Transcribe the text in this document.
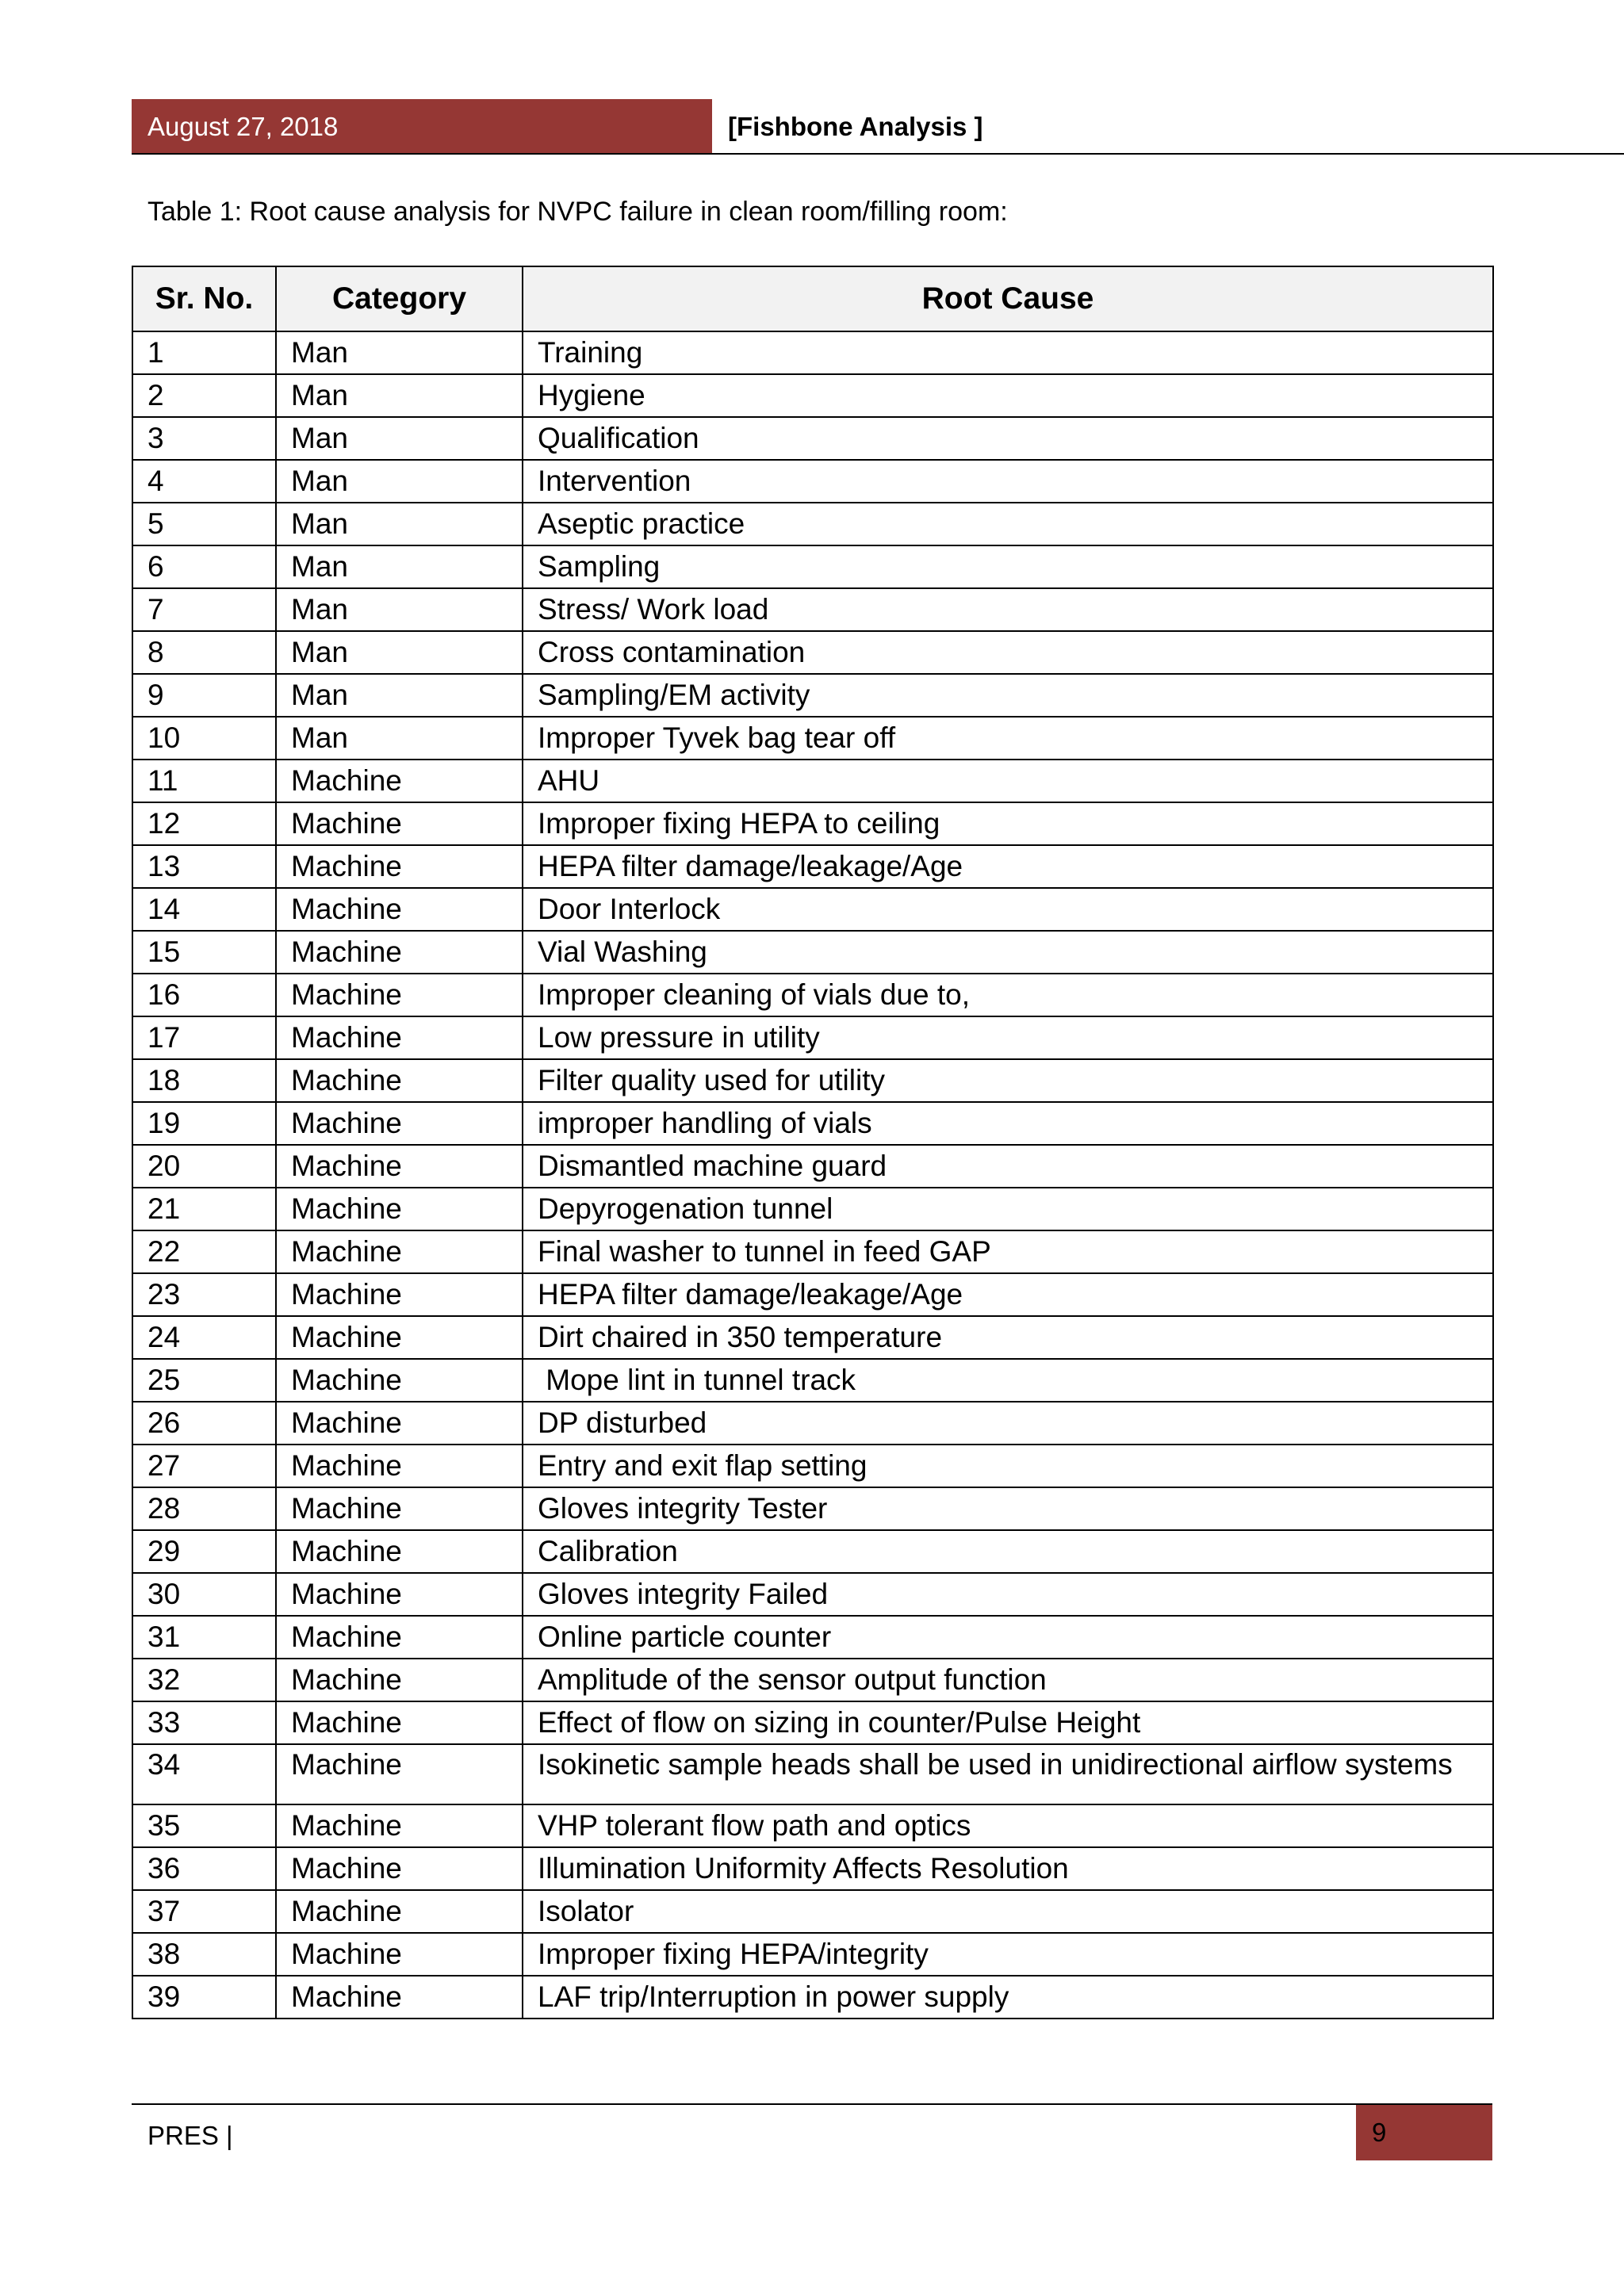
August 27, 2018	[Fishbone Analysis ]
Table 1: Root cause analysis for NVPC failure in clean room/filling room:
Sr. No.	Category	Root Cause
1	Man	Training
2	Man	Hygiene
3	Man	Qualification
4	Man	Intervention
5	Man	Aseptic practice
6	Man	Sampling
7	Man	Stress/ Work load
8	Man	Cross contamination
9	Man	Sampling/EM activity
10	Man	Improper Tyvek bag tear off
11	Machine	AHU
12	Machine	Improper fixing HEPA to ceiling
13	Machine	HEPA filter damage/leakage/Age
14	Machine	Door Interlock
15	Machine	Vial Washing
16	Machine	Improper cleaning of vials due to,
17	Machine	Low pressure in utility
18	Machine	Filter quality used for utility
19	Machine	improper handling of vials
20	Machine	Dismantled machine guard
21	Machine	Depyrogenation tunnel
22	Machine	Final washer to tunnel in feed GAP
23	Machine	HEPA filter damage/leakage/Age
24	Machine	Dirt chaired in 350 temperature
25	Machine	Mope lint in tunnel track
26	Machine	DP disturbed
27	Machine	Entry and exit flap setting
28	Machine	Gloves integrity Tester
29	Machine	Calibration
30	Machine	Gloves integrity Failed
31	Machine	Online particle counter
32	Machine	Amplitude of the sensor output function
33	Machine	Effect of flow on sizing in counter/Pulse Height
34	Machine	Isokinetic sample heads shall be used in unidirectional airflow systems
35	Machine	VHP tolerant flow path and optics
36	Machine	Illumination Uniformity Affects Resolution
37	Machine	Isolator
38	Machine	Improper fixing HEPA/integrity
39	Machine	LAF trip/Interruption in power supply
PRES |	9
